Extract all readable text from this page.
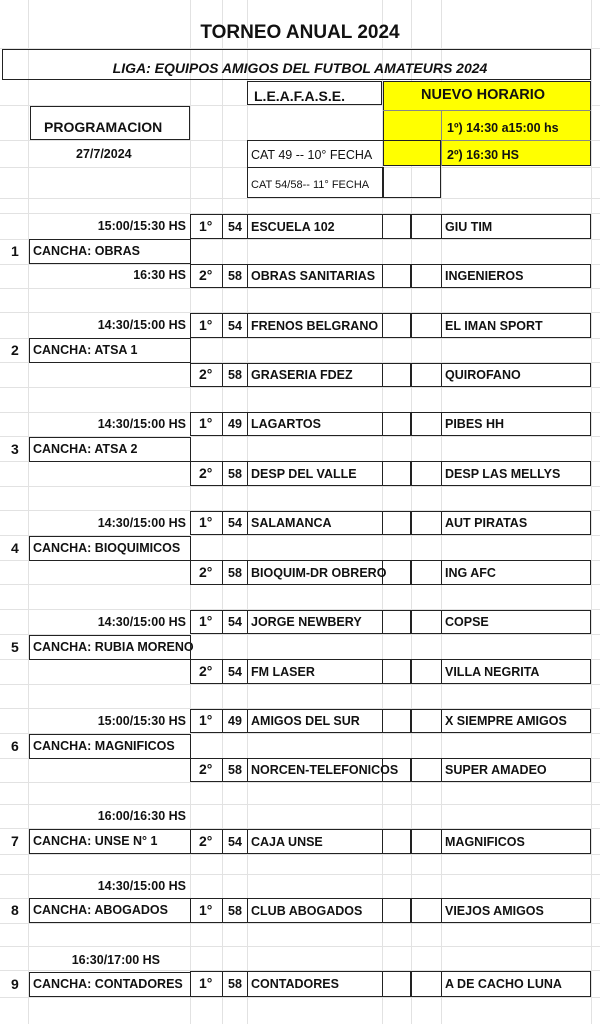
TORNEO ANUAL 2024
LIGA: EQUIPOS AMIGOS DEL FUTBOL AMATEURS 2024
L.E.A.F.A.S.E.	NUEVO HORARIO
1º) 14:30 a15:00 hs
2º) 16:30 HS
PROGRAMACION
27/7/2024	CAT 49 -- 10° FECHA
CAT 54/58-- 11° FECHA
1 CANCHA: OBRAS
15:00/15:30 HS 1° 54 ESCUELA 102	GIU TIM
16:30 HS 2° 58 OBRAS SANITARIAS	INGENIEROS
2 CANCHA: ATSA 1
14:30/15:00 HS 1° 54 FRENOS BELGRANO	EL IMAN SPORT
2° 58 GRASERIA FDEZ	QUIROFANO
3 CANCHA: ATSA 2
14:30/15:00 HS 1° 49 LAGARTOS	PIBES HH
2° 58 DESP DEL VALLE	DESP LAS MELLYS
4 CANCHA: BIOQUIMICOS
14:30/15:00 HS 1° 54 SALAMANCA	AUT PIRATAS
2° 58 BIOQUIM-DR OBRERO	ING AFC
5 CANCHA: RUBIA MORENO
14:30/15:00 HS 1° 54 JORGE NEWBERY	COPSE
2° 54 FM LASER	VILLA NEGRITA
6 CANCHA: MAGNIFICOS
15:00/15:30 HS 1° 49 AMIGOS DEL SUR	X SIEMPRE AMIGOS
2° 58 NORCEN-TELEFONICOS	SUPER AMADEO
7 CANCHA: UNSE N° 1
16:00/16:30 HS
2° 54 CAJA UNSE	MAGNIFICOS
8 CANCHA: ABOGADOS
14:30/15:00 HS
1° 58 CLUB ABOGADOS	VIEJOS AMIGOS
9 CANCHA: CONTADORES
16:30/17:00 HS
1° 58 CONTADORES	A DE CACHO LUNA
